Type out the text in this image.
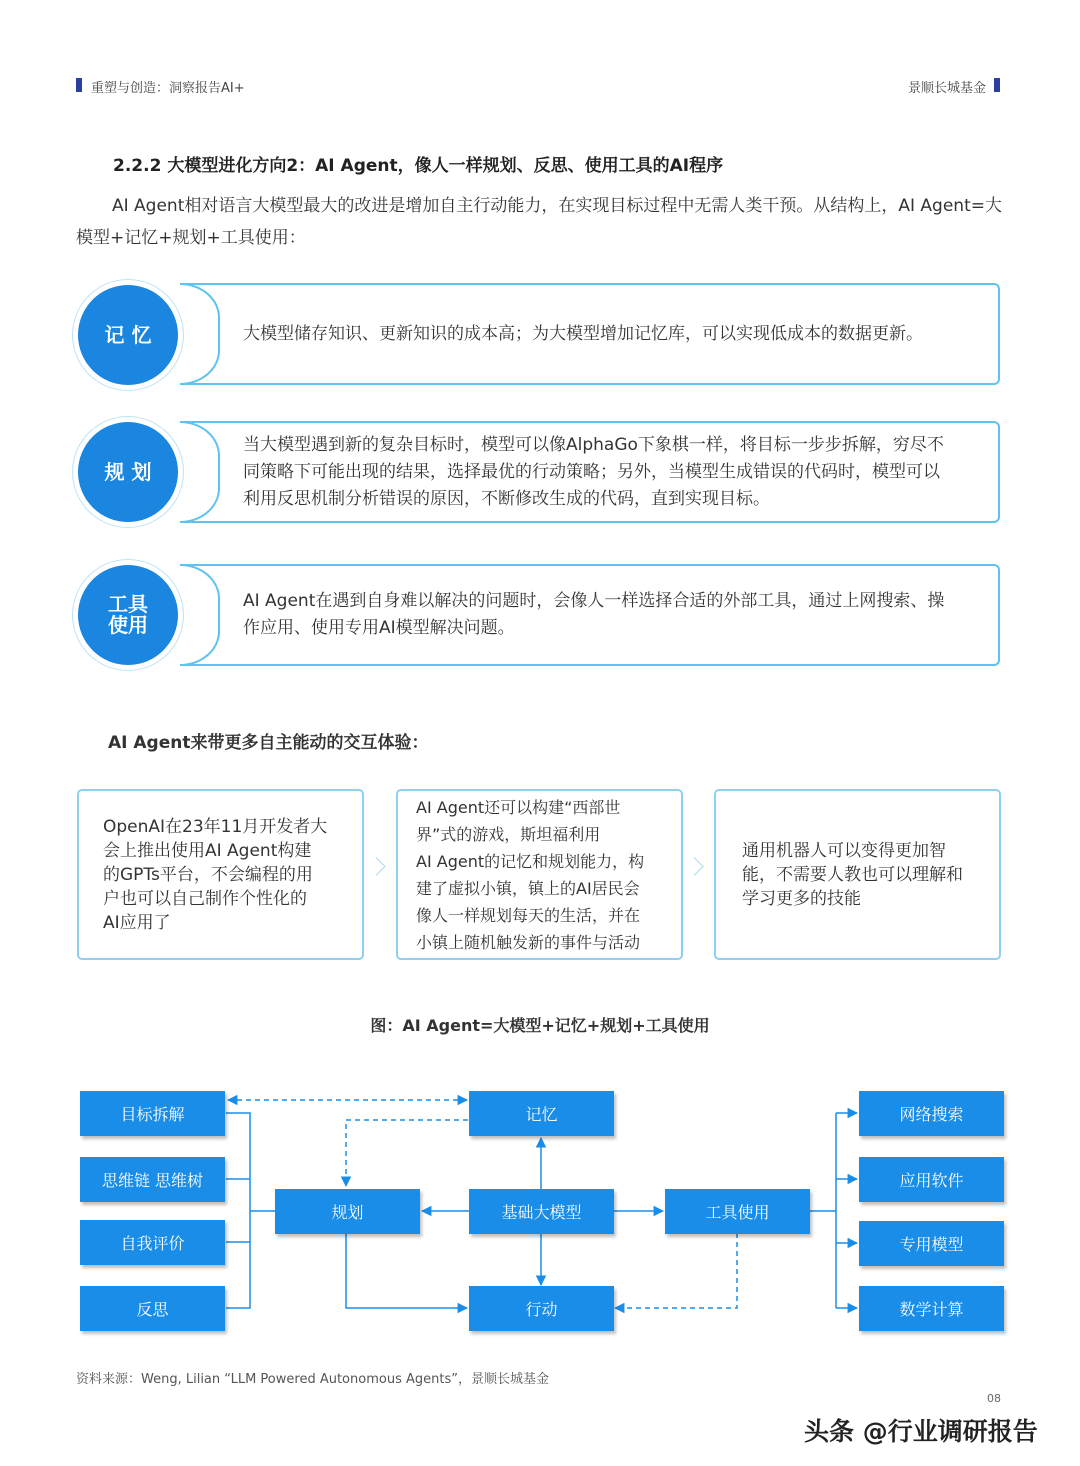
重塑与创造：洞察报告AI+	景顺长城基金
2.2.2 大模型进化方向2：AI Agent，像人一样规划、反思、使用工具的AI程序
AI Agent相对语言大模型最大的改进是增加自主行动能力，在实现目标过程中无需人类干预。从结构上，AI Agent=大模型+记忆+规划+工具使用：
记 忆	大模型储存知识、更新知识的成本高；为大模型增加记忆库，可以实现低成本的数据更新。
规 划
当大模型遇到新的复杂目标时，模型可以像AlphaGo下象棋一样，将目标一步步拆解，穷尽不
同策略下可能出现的结果，选择最优的行动策略；另外，当模型生成错误的代码时，模型可以
利用反思机制分析错误的原因，不断修改生成的代码，直到实现目标。
工具
使用
AI Agent在遇到自身难以解决的问题时，会像人一样选择合适的外部工具，通过上网搜索、操
作应用、使用专用AI模型解决问题。
AI Agent来带更多自主能动的交互体验：
OpenAI在23年11月开发者大
会上推出使用AI Agent构建
的GPTs平台，不会编程的用
户也可以自己制作个性化的
AI应用了
AI Agent还可以构建“西部世
界”式的游戏，斯坦福利用
AI Agent的记忆和规划能力，构
建了虚拟小镇，镇上的AI居民会
像人一样规划每天的生活，并在
小镇上随机触发新的事件与活动
通用机器人可以变得更加智
能，不需要人教也可以理解和
学习更多的技能
图：AI Agent=大模型+记忆+规划+工具使用
目标拆解
思维链 思维树
自我评价
反思
规划
记忆
基础大模型
行动
工具使用
网络搜索
应用软件
专用模型
数学计算
资料来源：Weng, Lilian “LLM Powered Autonomous Agents”，景顺长城基金
08
头条 @行业调研报告
